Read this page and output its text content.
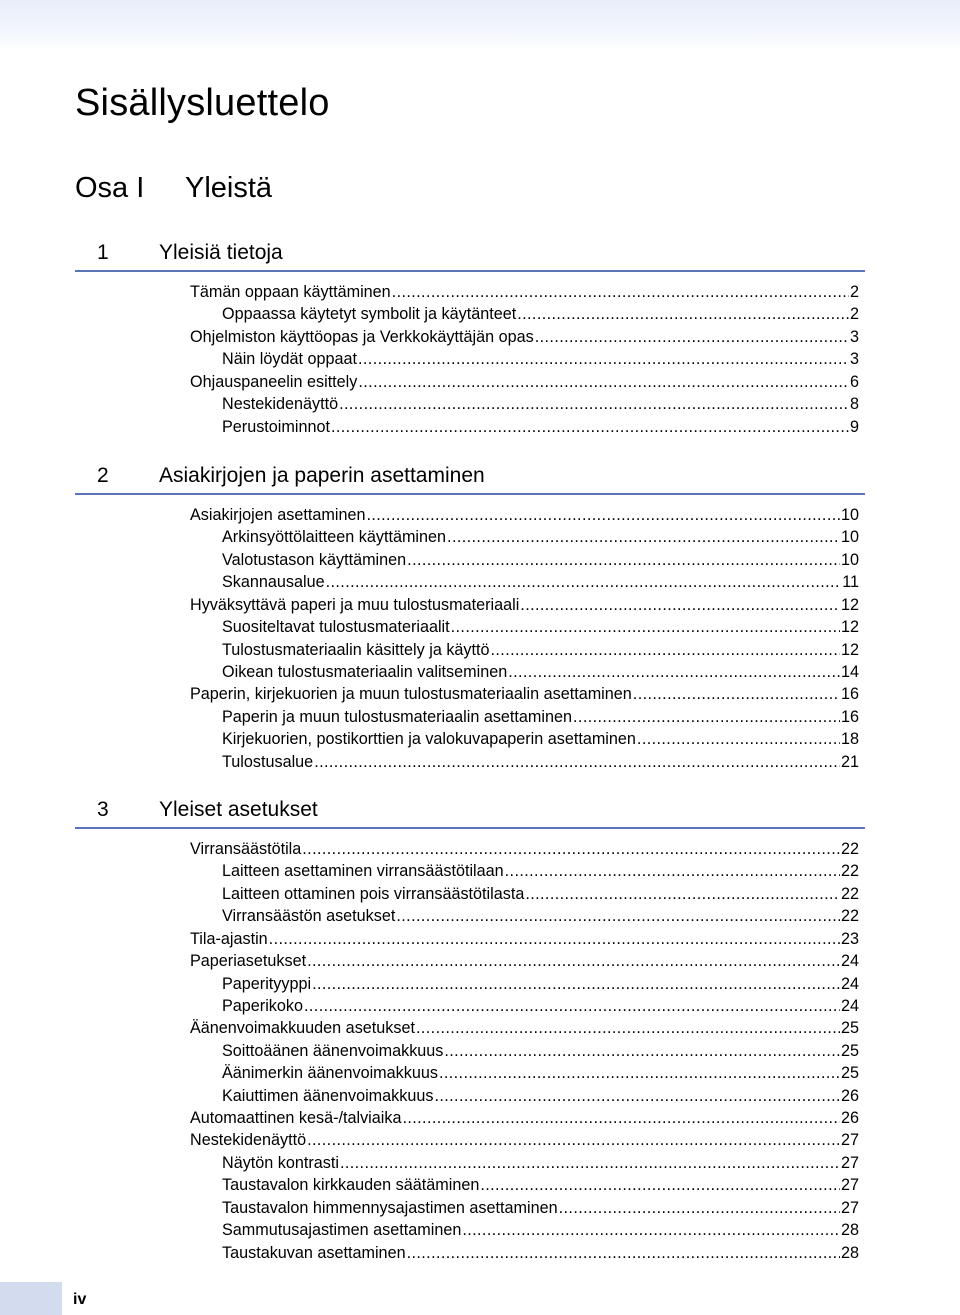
Sisällysluettelo
Osa I Yleistä
1 Yleisiä tietoja
Tämän oppaan käyttäminen .....	2
Oppaassa käytetyt symbolit ja käytänteet .....	2
Ohjelmiston käyttöopas ja Verkkokäyttäjän opas .....	3
Näin löydät oppaat .....	3
Ohjauspaneelin esittely .....	6
Nestekidenäyttö .....	8
Perustoiminnot .....	9
2 Asiakirjojen ja paperin asettaminen
Asiakirjojen asettaminen .....	10
Arkinsyöttölaitteen käyttäminen .....	10
Valotustason käyttäminen .....	10
Skannausalue .....	11
Hyväksyttävä paperi ja muu tulostusmateriaali .....	12
Suositeltavat tulostusmateriaalit .....	12
Tulostusmateriaalin käsittely ja käyttö .....	12
Oikean tulostusmateriaalin valitseminen .....	14
Paperin, kirjekuorien ja muun tulostusmateriaalin asettaminen .....	16
Paperin ja muun tulostusmateriaalin asettaminen .....	16
Kirjekuorien, postikorttien ja valokuvapaperin asettaminen .....	18
Tulostusalue .....	21
3 Yleiset asetukset
Virransäästötila .....	22
Laitteen asettaminen virransäästötilaan .....	22
Laitteen ottaminen pois virransäästötilasta .....	22
Virransäästön asetukset .....	22
Tila-ajastin .....	23
Paperiasetukset .....	24
Paperityyppi .....	24
Paperikoko .....	24
Äänenvoimakkuuden asetukset .....	25
Soittoäänen äänenvoimakkuus .....	25
Äänimerkin äänenvoimakkuus .....	25
Kaiuttimen äänenvoimakkuus .....	26
Automaattinen kesä-/talviaika .....	26
Nestekidenäyttö .....	27
Näytön kontrasti .....	27
Taustavalon kirkkauden säätäminen .....	27
Taustavalon himmennysajastimen asettaminen .....	27
Sammutusajastimen asettaminen .....	28
Taustakuvan asettaminen .....	28
iv
